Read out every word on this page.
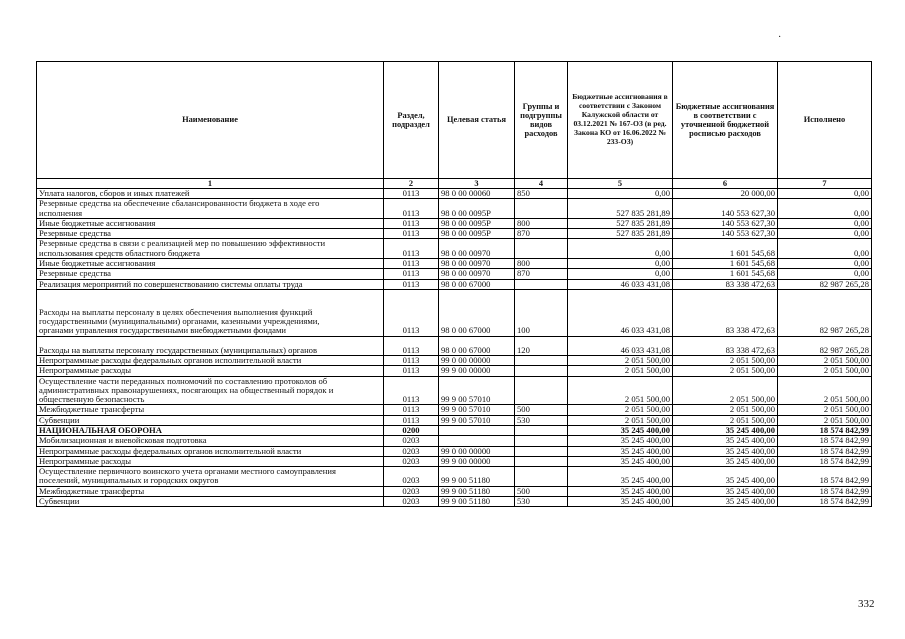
·
Наименование	Раздел, подраздел	Целевая статья	Группы и подгруппы видов расходов	Бюджетные ассигнования в соответствии с Законом Калужской области от 03.12.2021 № 167-ОЗ (в ред. Закона КО от 16.06.2022 № 233-ОЗ)	Бюджетные ассигнования в соответствии с уточненной бюджетной росписью расходов	Исполнено
1	2	3	4	5	6	7
Уплата налогов, сборов и иных платежей	0113	98 0 00 00060	850	0,00	20 000,00	0,00
Резервные средства на обеспечение сбалансированности бюджета в ходе его
исполнения	0113	98 0 00 0095Р		527 835 281,89	140 553 627,30	0,00
Иные бюджетные ассигнования	0113	98 0 00 0095Р	800	527 835 281,89	140 553 627,30	0,00
Резервные средства	0113	98 0 00 0095Р	870	527 835 281,89	140 553 627,30	0,00
Резервные средства в связи с реализацией мер по повышению эффективности
использования средств областного бюджета	0113	98 0 00 00970		0,00	1 601 545,68	0,00
Иные бюджетные ассигнования	0113	98 0 00 00970	800	0,00	1 601 545,68	0,00
Резервные средства	0113	98 0 00 00970	870	0,00	1 601 545,68	0,00
Реализация мероприятий по совершенствованию системы оплаты труда	0113	98 0 00 67000		46 033 431,08	83 338 472,63	82 987 265,28
Расходы на выплаты персоналу в целях обеспечения выполнения функций
государственными (муниципальными) органами, казенными учреждениями,
органами управления государственными внебюджетными фондами	0113	98 0 00 67000	100	46 033 431,08	83 338 472,63	82 987 265,28
Расходы на выплаты персоналу государственных (муниципальных) органов	0113	98 0 00 67000	120	46 033 431,08	83 338 472,63	82 987 265,28
Непрограммные расходы федеральных органов исполнительной власти	0113	99 0 00 00000		2 051 500,00	2 051 500,00	2 051 500,00
Непрограммные расходы	0113	99 9 00 00000		2 051 500,00	2 051 500,00	2 051 500,00
Осуществление части переданных полномочий по составлению протоколов об
административных правонарушениях, посягающих на общественный порядок и
общественную безопасность	0113	99 9 00 57010		2 051 500,00	2 051 500,00	2 051 500,00
Межбюджетные трансферты	0113	99 9 00 57010	500	2 051 500,00	2 051 500,00	2 051 500,00
Субвенции	0113	99 9 00 57010	530	2 051 500,00	2 051 500,00	2 051 500,00
НАЦИОНАЛЬНАЯ ОБОРОНА	0200			35 245 400,00	35 245 400,00	18 574 842,99
Мобилизационная и вневойсковая подготовка	0203			35 245 400,00	35 245 400,00	18 574 842,99
Непрограммные расходы федеральных органов исполнительной власти	0203	99 0 00 00000		35 245 400,00	35 245 400,00	18 574 842,99
Непрограммные расходы	0203	99 9 00 00000		35 245 400,00	35 245 400,00	18 574 842,99
Осуществление первичного воинского учета органами местного самоуправления
поселений, муниципальных и городских округов	0203	99 9 00 51180		35 245 400,00	35 245 400,00	18 574 842,99
Межбюджетные трансферты	0203	99 9 00 51180	500	35 245 400,00	35 245 400,00	18 574 842,99
Субвенции	0203	99 9 00 51180	530	35 245 400,00	35 245 400,00	18 574 842,99
332
